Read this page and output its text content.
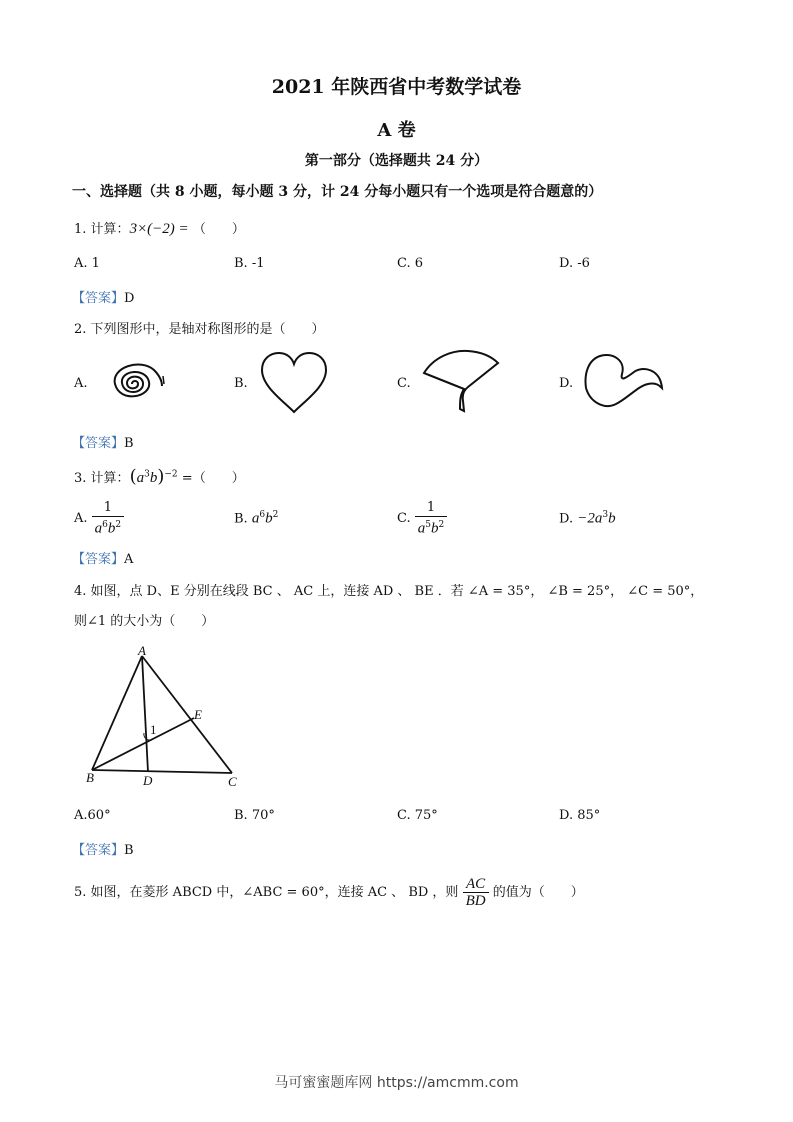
2021 年陕西省中考数学试卷
A 卷
第一部分（选择题共 24 分）
一、选择题（共 8 小题，每小题 3 分，计 24 分每小题只有一个选项是符合题意的）
1. 计算：3×(−2) = （　　）
A. 1	B. -1	C. 6	D. -6
【答案】D
2. 下列图形中，是轴对称图形的是（　　）
A.	B.	C.	D.
【答案】B
3. 计算：$(a^3b)^{-2}$ =（　　）
A. $\frac{1}{a^6b^2}$	B. $a^6b^2$	C. $\frac{1}{a^5b^2}$	D. $-2a^3b$
【答案】A
4. 如图，点 D、E 分别在线段 BC 、 AC 上，连接 AD 、 BE ．若 ∠A = 35°， ∠B = 25°， ∠C = 50°，
则∠1 的大小为（　　）
A
B	C
D
E
1
A.60°	B. 70°	C. 75°	D. 85°
【答案】B
5. 如图，在菱形 ABCD 中，∠ABC = 60°，连接 AC 、 BD ，则 $\frac{AC}{BD}$ 的值为（　　）
马可蜜蜜题库网 https://amcmm.com
